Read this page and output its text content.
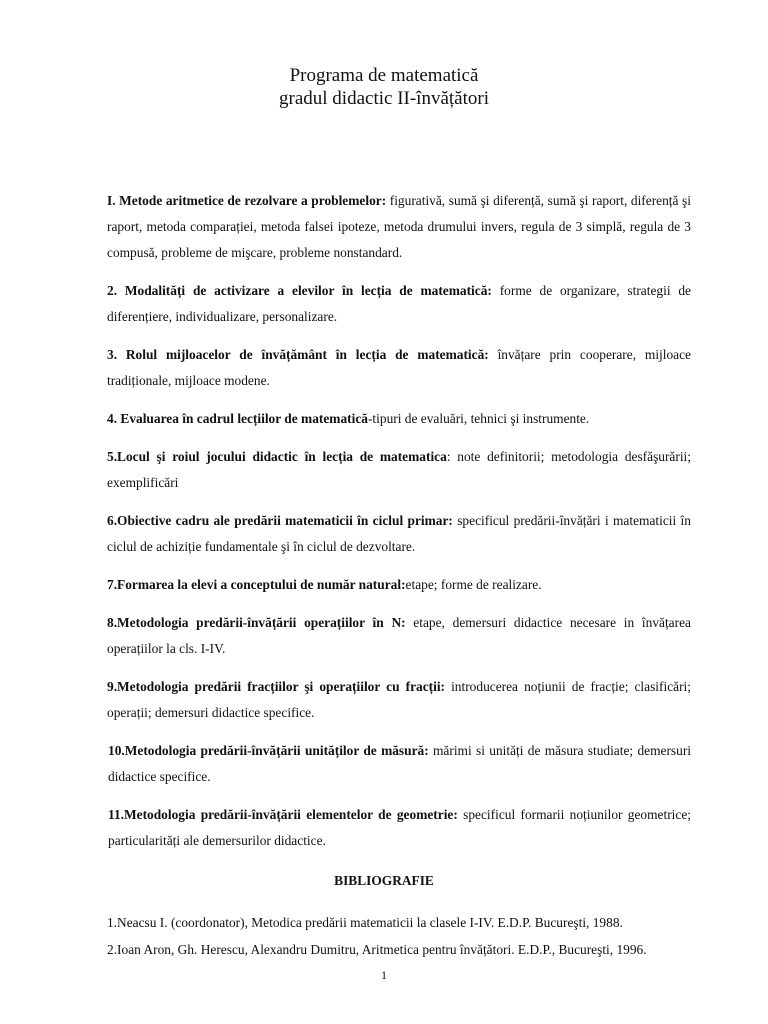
Programa de matematică
gradul didactic II-învățători

I. Metode aritmetice de rezolvare a problemelor: figurativă, sumă şi diferență, sumă şi raport, diferență şi raport, metoda comparației, metoda falsei ipoteze, metoda drumului invers, regula de 3 simplă, regula de 3 compusă, probleme de mişcare, probleme nonstandard.

2. Modalități de activizare a elevilor în lecția de matematică: forme de organizare, strategii de diferențiere, individualizare, personalizare.

3. Rolul mijloacelor de învățământ în lecția de matematică: învățare prin cooperare, mijloace tradiționale, mijloace modene.

4. Evaluarea în cadrul lecțiilor de matematică-tipuri de evaluări, tehnici şi instrumente.

5.Locul şi roiul jocului didactic în lecția de matematica: note definitorii; metodologia desfăşurării; exemplificări

6.Obiective cadru ale predării matematicii în ciclul primar: specificul predării-învățări i matematicii în ciclul de achiziție fundamentale şi în ciclul de dezvoltare.

7.Formarea la elevi a conceptului de număr natural:etape; forme de realizare.

8.Metodologia predării-învățării operațiilor în N: etape, demersuri didactice necesare in învățarea operațiilor la cls. I-IV.

9.Metodologia predării fracțiilor şi operațiilor cu fracții: introducerea noțiunii de fracție; clasificări; operații; demersuri didactice specifice.

10.Metodologia predării-învățării unităților de măsură: mărimi si unități de măsura studiate; demersuri didactice specifice.

11.Metodologia predării-învățării elementelor de geometrie: specificul formarii noțiunilor geometrice; particularități ale demersurilor didactice.

BIBLIOGRAFIE
1.Neacsu I. (coordonator), Metodica predării matematicii la clasele I-IV. E.D.P. Bucureşti, 1988.
2.Ioan Aron, Gh. Herescu, Alexandru Dumitru, Aritmetica pentru învățători. E.D.P., Bucureşti, 1996.
1
